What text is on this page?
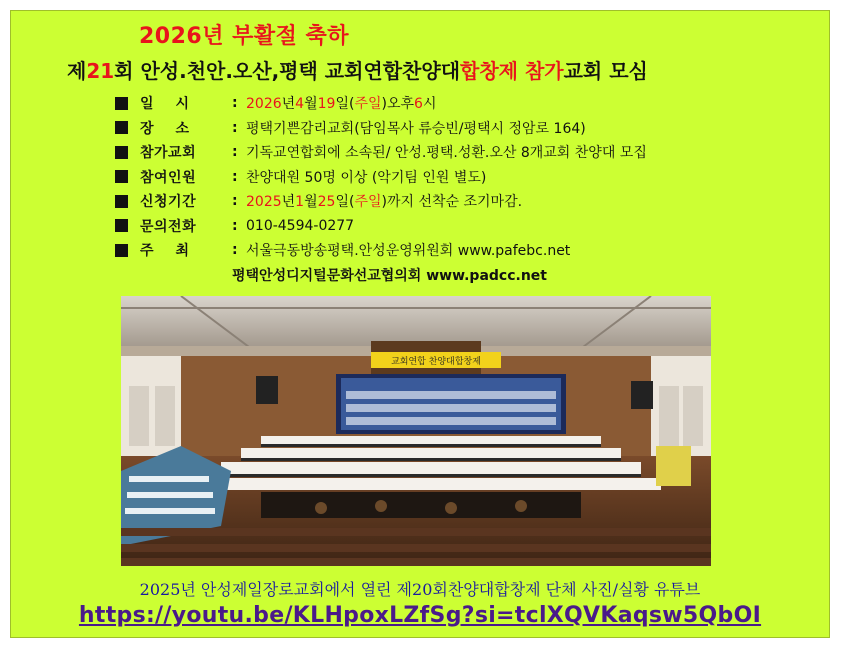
2026년 부활절 축하
제21회 안성.천안.오산,평택 교회연합찬양대합창제 참가교회 모심
일    시	: 2026년4월19일(주일)오후6시
장    소	: 평택기쁜감리교회(담임목사 류승빈/평택시 정암로 164)
참가교회	: 기독교연합회에 소속된/ 안성.평택.성환.오산 8개교회 찬양대 모집
참여인원	: 찬양대원 50명 이상 (악기팀 인원 별도)
신청기간	: 2025년1월25일(주일)까지 선착순 조기마감.
문의전화	: 010-4594-0277
주    최	: 서울극동방송평택.안성운영위원회 www.pafebc.net
평택안성디지털문화선교협의회 www.padcc.net
교회연합 찬양대합창제
2025년 안성제일장로교회에서 열린 제20회찬양대합창제 단체 사진/실황 유튜브
https://youtu.be/KLHpoxLZfSg?si=tclXQVKaqsw5QbOI
